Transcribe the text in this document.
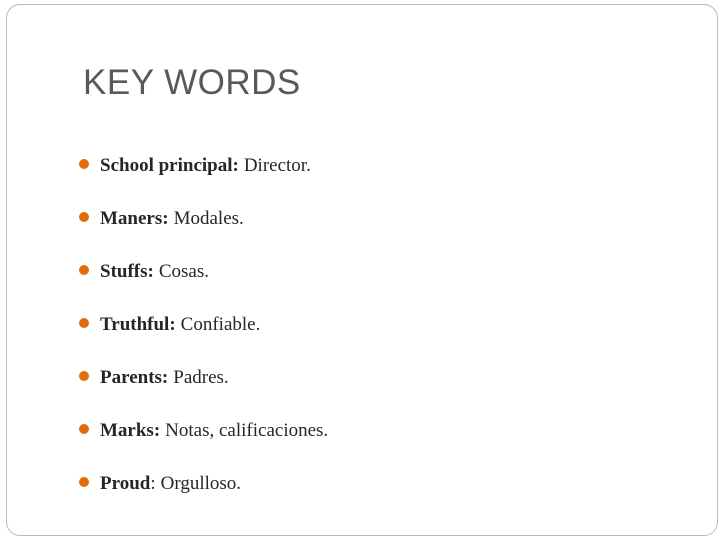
KEY WORDS
School principal : Director.
Maners : Modales.
Stuffs : Cosas.
Truthful : Confiable.
Parents : Padres.
Marks : Notas, calificaciones.
Proud : Orgulloso.
